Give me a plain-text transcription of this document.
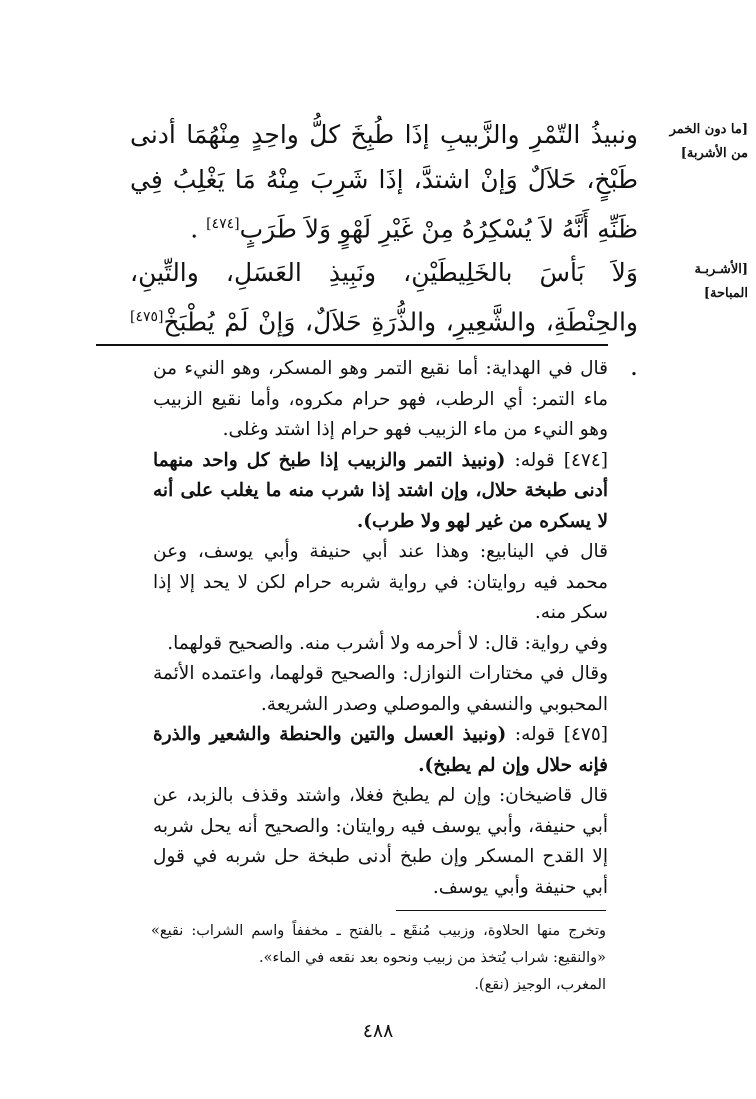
[ما دون الخمر من الأشربة]
[الأشـربـة المباحة]
ونبيذُ التّمْرِ والزَّبيبِ إذَا طُبِخَ كلُّ واحِدٍ مِنْهُمَا أدنى طَبْخٍ، حَلاَلٌ وَإنْ اشتدَّ، إذَا شَرِبَ مِنْهُ مَا يَغْلِبُ فِي ظَنِّهِ أَنَّهُ لاَ يُسْكِرُهُ مِنْ غَيْرِ لَهْوٍ وَلاَ طَرَبٍ[٤٧٤] .
وَلاَ بَأسَ بالخَلِيطَيْنِ، ونَبِيذِ العَسَلِ، والتِّينِ، والحِنْطَةِ، والشَّعِيرِ، والذُّرَةِ حَلاَلٌ، وَإنْ لَمْ يُطْبَخْ[٤٧٥] .

قال في الهداية: أما نقيع التمر وهو المسكر، وهو النيء من ماء التمر: أي الرطب، فهو حرام مكروه، وأما نقيع الزبيب وهو النيء من ماء الزبيب فهو حرام إذا اشتد وغلى.

[٤٧٤] قوله: (ونبيذ التمر والزبيب إذا طبخ كل واحد منهما أدنى طبخة حلال، وإن اشتد إذا شرب منه ما يغلب على أنه لا يسكره من غير لهو ولا طرب).

قال في الينابيع: وهذا عند أبي حنيفة وأبي يوسف، وعن محمد فيه روايتان: في رواية شربه حرام لكن لا يحد إلا إذا سكر منه.

وفي رواية: قال: لا أحرمه ولا أشرب منه. والصحيح قولهما.

وقال في مختارات النوازل: والصحيح قولهما، واعتمده الأئمة المحبوبي والنسفي والموصلي وصدر الشريعة.

[٤٧٥] قوله: (ونبيذ العسل والتين والحنطة والشعير والذرة فإنه حلال وإن لم يطبخ).

قال قاضيخان: وإن لم يطبخ فغلا، واشتد وقذف بالزبد، عن أبي حنيفة، وأبي يوسف فيه روايتان: والصحيح أنه يحل شربه إلا القدح المسكر وإن طبخ أدنى طبخة حل شربه في قول أبي حنيفة وأبي يوسف.

وتخرج منها الحلاوة، وزبيب مُنقَع ـ بالفتح ـ مخففاً واسم الشراب: نقيع» «والنقيع: شراب يُتخذ من زبيب ونحوه بعد نقعه في الماء».

المغرب، الوجيز (نقع).

٤٨٨
